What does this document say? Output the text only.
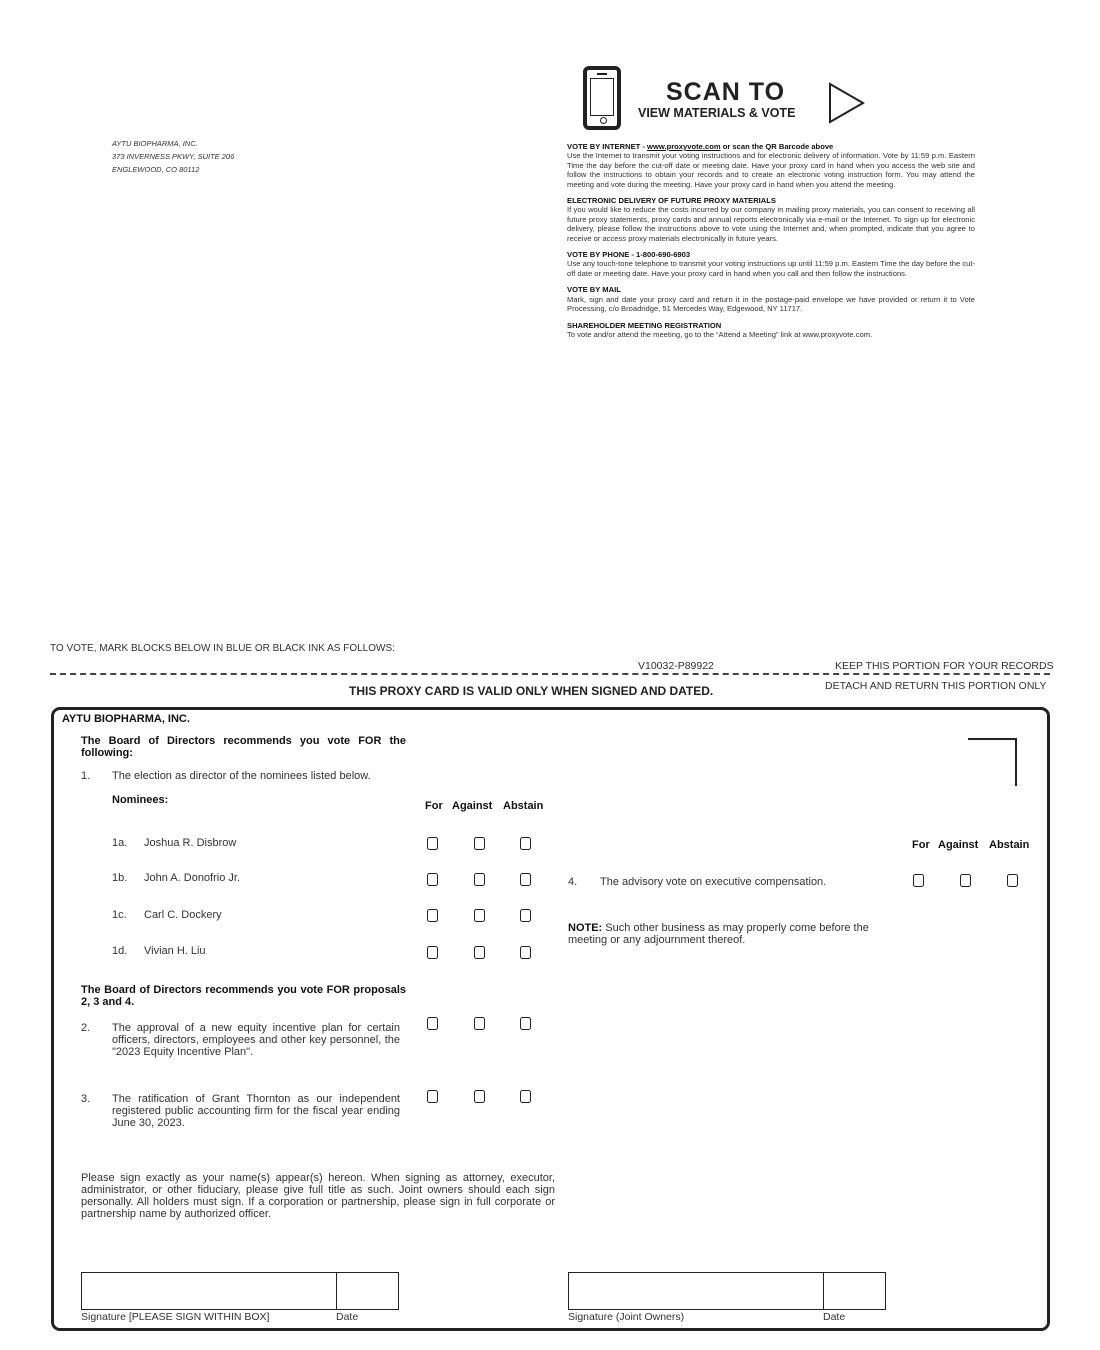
AYTU BIOPHARMA, INC.
373 INVERNESS PKWY, SUITE 206
ENGLEWOOD, CO 80112
SCAN TO
VIEW MATERIALS & VOTE
VOTE BY INTERNET - www.proxyvote.com or scan the QR Barcode above
Use the Internet to transmit your voting instructions and for electronic delivery of information. Vote by 11:59 p.m. Eastern Time the day before the cut-off date or meeting date. Have your proxy card in hand when you access the web site and follow the instructions to obtain your records and to create an electronic voting instruction form. You may attend the meeting and vote during the meeting. Have your proxy card in hand when you attend the meeting.
ELECTRONIC DELIVERY OF FUTURE PROXY MATERIALS
If you would like to reduce the costs incurred by our company in mailing proxy materials, you can consent to receiving all future proxy statements, proxy cards and annual reports electronically via e-mail or the Internet. To sign up for electronic delivery, please follow the instructions above to vote using the Internet and, when prompted, indicate that you agree to receive or access proxy materials electronically in future years.
VOTE BY PHONE - 1-800-690-6903
Use any touch-tone telephone to transmit your voting instructions up until 11:59 p.m. Eastern Time the day before the cut-off date or meeting date. Have your proxy card in hand when you call and then follow the instructions.
VOTE BY MAIL
Mark, sign and date your proxy card and return it in the postage-paid envelope we have provided or return it to Vote Processing, c/o Broadridge, 51 Mercedes Way, Edgewood, NY 11717.
SHAREHOLDER MEETING REGISTRATION
To vote and/or attend the meeting, go to the “Attend a Meeting” link at www.proxyvote.com.
TO VOTE, MARK BLOCKS BELOW IN BLUE OR BLACK INK AS FOLLOWS:
V10032-P89922	KEEP THIS PORTION FOR YOUR RECORDS
THIS PROXY CARD IS VALID ONLY WHEN SIGNED AND DATED.	DETACH AND RETURN THIS PORTION ONLY
AYTU BIOPHARMA, INC.
The Board of Directors recommends you vote FOR the following:
1. The election as director of the nominees listed below.
Nominees:	For Against Abstain
1a. Joshua R. Disbrow
1b. John A. Donofrio Jr.
1c. Carl C. Dockery
1d. Vivian H. Liu
The Board of Directors recommends you vote FOR proposals 2, 3 and 4.
2. The approval of a new equity incentive plan for certain officers, directors, employees and other key personnel, the "2023 Equity Incentive Plan".
3. The ratification of Grant Thornton as our independent registered public accounting firm for the fiscal year ending June 30, 2023.
For Against Abstain
4. The advisory vote on executive compensation.
NOTE: Such other business as may properly come before the meeting or any adjournment thereof.
Please sign exactly as your name(s) appear(s) hereon. When signing as attorney, executor, administrator, or other fiduciary, please give full title as such. Joint owners should each sign personally. All holders must sign. If a corporation or partnership, please sign in full corporate or partnership name by authorized officer.
Signature [PLEASE SIGN WITHIN BOX]	Date	Signature (Joint Owners)	Date
